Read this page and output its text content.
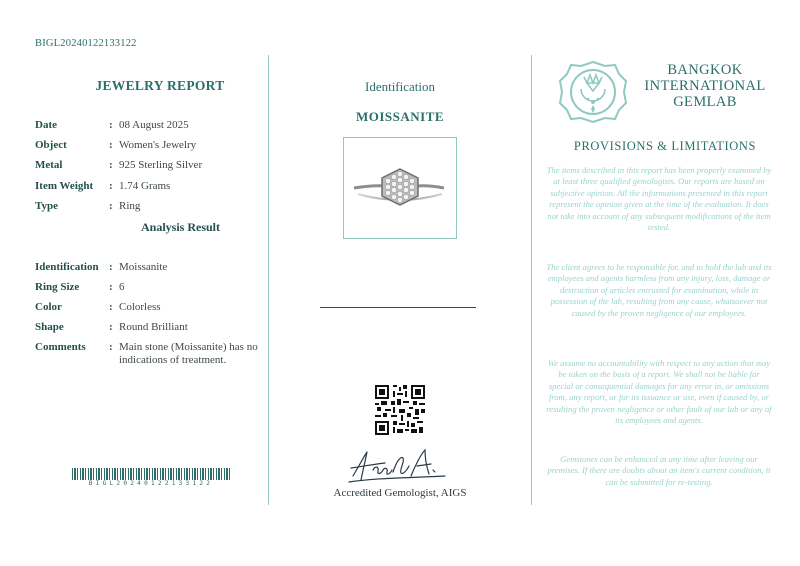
BIGL20240122133122
JEWELRY REPORT
Date	: 08 August 2025
Object	: Women's Jewelry
Metal	: 925 Sterling Silver
Item Weight : 1.74 Grams
Type	: Ring
Analysis Result
Identification : Moissanite
Ring Size	: 6
Color	: Colorless
Shape	: Round Brilliant
Comments : Main stone (Moissanite) has no indications of treatment.
BIGL20240122133122
Identification
MOISSANITE
Accredited Gemologist, AIGS
BANGKOK
INTERNATIONAL
GEMLAB
PROVISIONS & LIMITATIONS
The items described in this report has been properly examined by at least three qualified gemologists. Our reports are based on subjective opinion. All the informations presented in this report represent the opinion given at the time of the evaluation. It does not take into account of any subsequent modifications of the item tested.
The client agrees to be responsible for, and to hold the lab and its employees and agents harmless from any injury, loss, damage or destruction of articles entrusted for examination, while in possession of the lab, resulting from any cause, whatsoever not caused by the proven negligence of our employees.
We assume no accountability with respect to any action that may be taken on the basis of a report. We shall not be liable for special or consequential damages for any error in, or omissions from, any report, or for its issuance or use, even if caused by, or resulting the proven negligence or other fault of our lab or any of its employees and agents.
Gemstones can be enhanced at any time after leaving our premises. If there are doubts about an item's current condition, it can be submitted for re-testing.
